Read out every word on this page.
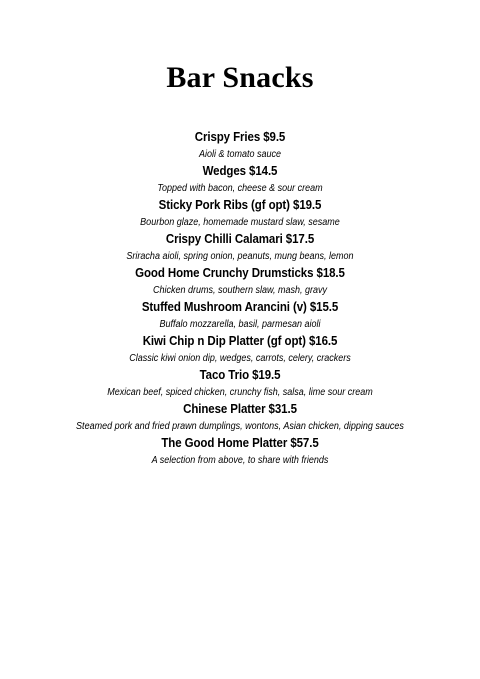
Bar Snacks
Crispy Fries $9.5
Aioli & tomato sauce
Wedges $14.5
Topped with bacon, cheese & sour cream
Sticky Pork Ribs (gf opt) $19.5
Bourbon glaze, homemade mustard slaw, sesame
Crispy Chilli Calamari $17.5
Sriracha aioli, spring onion, peanuts, mung beans, lemon
Good Home Crunchy Drumsticks $18.5
Chicken drums, southern slaw, mash, gravy
Stuffed Mushroom Arancini (v) $15.5
Buffalo mozzarella, basil, parmesan aioli
Kiwi Chip n Dip Platter (gf opt) $16.5
Classic kiwi onion dip, wedges, carrots, celery, crackers
Taco Trio $19.5
Mexican beef, spiced chicken, crunchy fish, salsa, lime sour cream
Chinese Platter $31.5
Steamed pork and fried prawn dumplings, wontons, Asian chicken, dipping sauces
The Good Home Platter $57.5
A selection from above, to share with friends
